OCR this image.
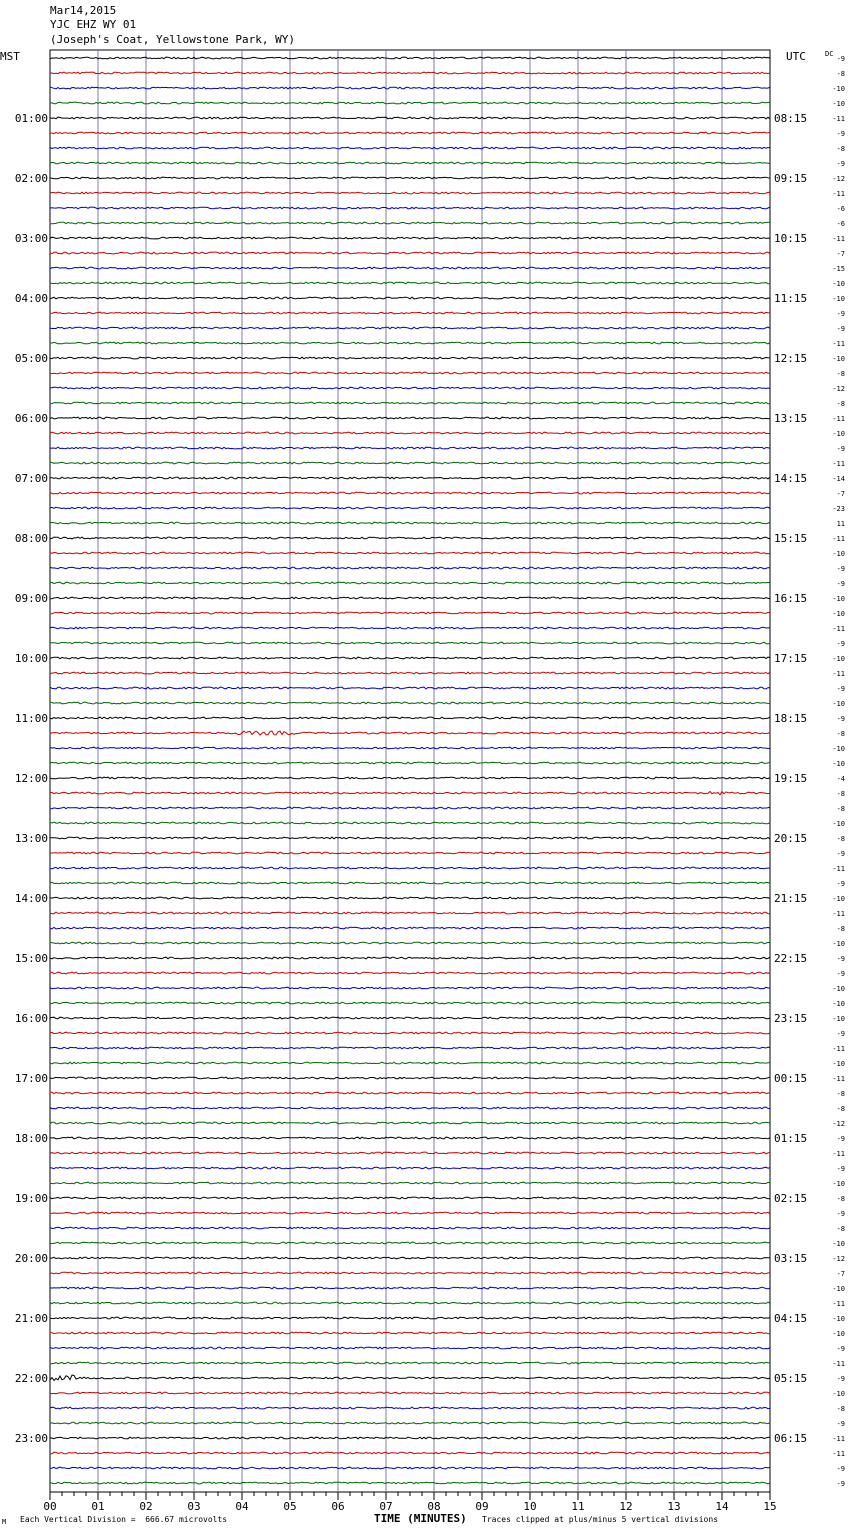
Mar14,2015
YJC EHZ WY 01
(Joseph's Coat, Yellowstone Park, WY)
MST	UTC	DC
-9
-8
-10
-10
-11
-9
-8
-9
-12
-11
-6
-6
-11
-7
-15
-10
-10
-9
-9
-11
-10
-8
-12
-8
-11
-10
-9
-11
-14
-7
-23
11
-11
-10
-9
-9
-10
-10
-11
-9
-10
-11
-9
-10
-9
-8
-10
-10
-4
-8
-8
-10
-8
-9
-11
-9
-10
-11
-8
-10
-9
-9
-10
-10
-10
-9
-11
-10
-11
-8
-8
-12
-9
-11
-9
-10
-8
-9
-8
-10
-12
-7
-10
-11
-10
-10
-9
-11
-9
-10
-8
-9
-11
-11
-9
-9
01:00
02:00
03:00
04:00
05:00
06:00
07:00
08:00
09:00
10:00
11:00
12:00
13:00
14:00
15:00
16:00
17:00
18:00
19:00
20:00
21:00
22:00
23:00
08:15
09:15
10:15
11:15
12:15
13:15
14:15
15:15
16:15
17:15
18:15
19:15
20:15
21:15
22:15
23:15
00:15
01:15
02:15
03:15
04:15
05:15
06:15
00	01	02	03	04	05	06	07	08	09	10	11	12	13	14	15
M Each Vertical Division =  666.67 microvolts	TIME (MINUTES) Traces clipped at plus/minus 5 vertical divisions
